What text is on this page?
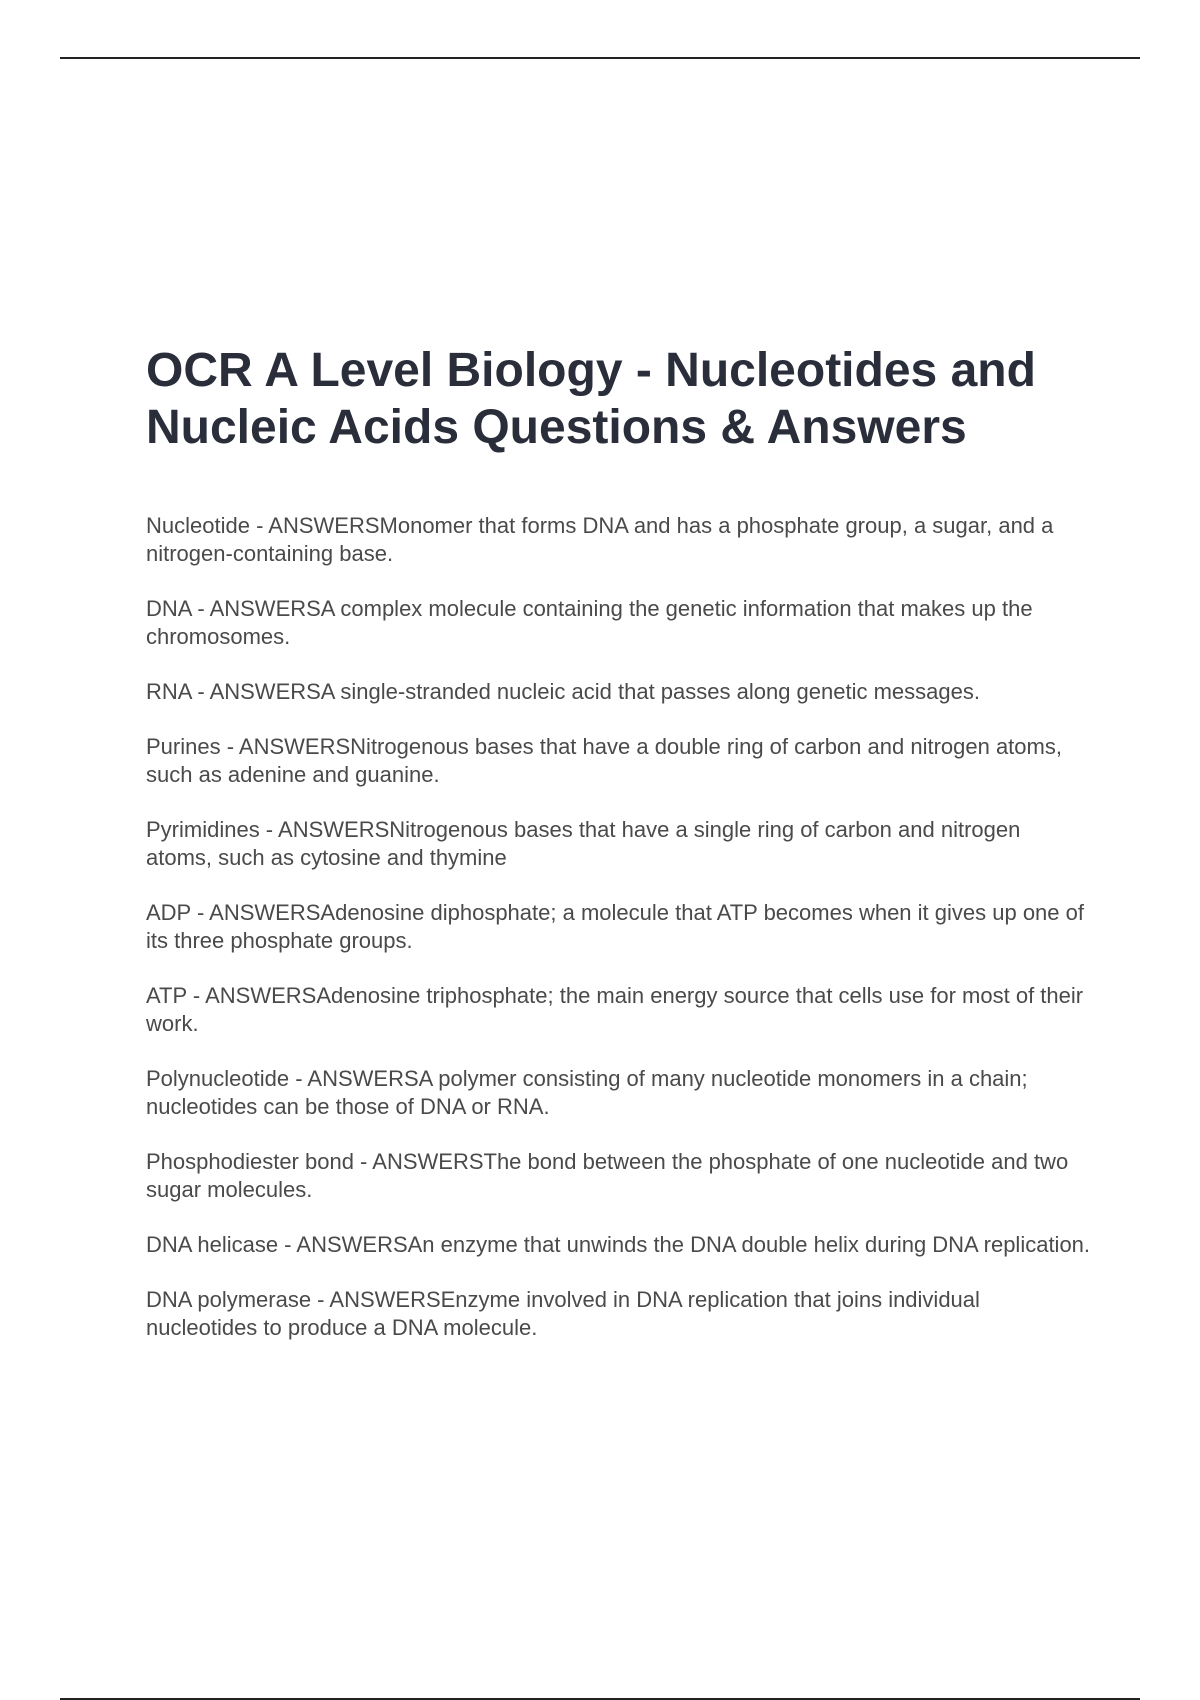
OCR A Level Biology - Nucleotides and Nucleic Acids Questions & Answers

Nucleotide - ANSWERSMonomer that forms DNA and has a phosphate group, a sugar, and a nitrogen-containing base.

DNA - ANSWERSA complex molecule containing the genetic information that makes up the chromosomes.

RNA - ANSWERSA single-stranded nucleic acid that passes along genetic messages.

Purines - ANSWERSNitrogenous bases that have a double ring of carbon and nitrogen atoms, such as adenine and guanine.

Pyrimidines - ANSWERSNitrogenous bases that have a single ring of carbon and nitrogen atoms, such as cytosine and thymine

ADP - ANSWERSAdenosine diphosphate; a molecule that ATP becomes when it gives up one of its three phosphate groups.

ATP - ANSWERSAdenosine triphosphate; the main energy source that cells use for most of their work.

Polynucleotide - ANSWERSA polymer consisting of many nucleotide monomers in a chain; nucleotides can be those of DNA or RNA.

Phosphodiester bond - ANSWERSThe bond between the phosphate of one nucleotide and two sugar molecules.

DNA helicase - ANSWERSAn enzyme that unwinds the DNA double helix during DNA replication.

DNA polymerase - ANSWERSEnzyme involved in DNA replication that joins individual nucleotides to produce a DNA molecule.
